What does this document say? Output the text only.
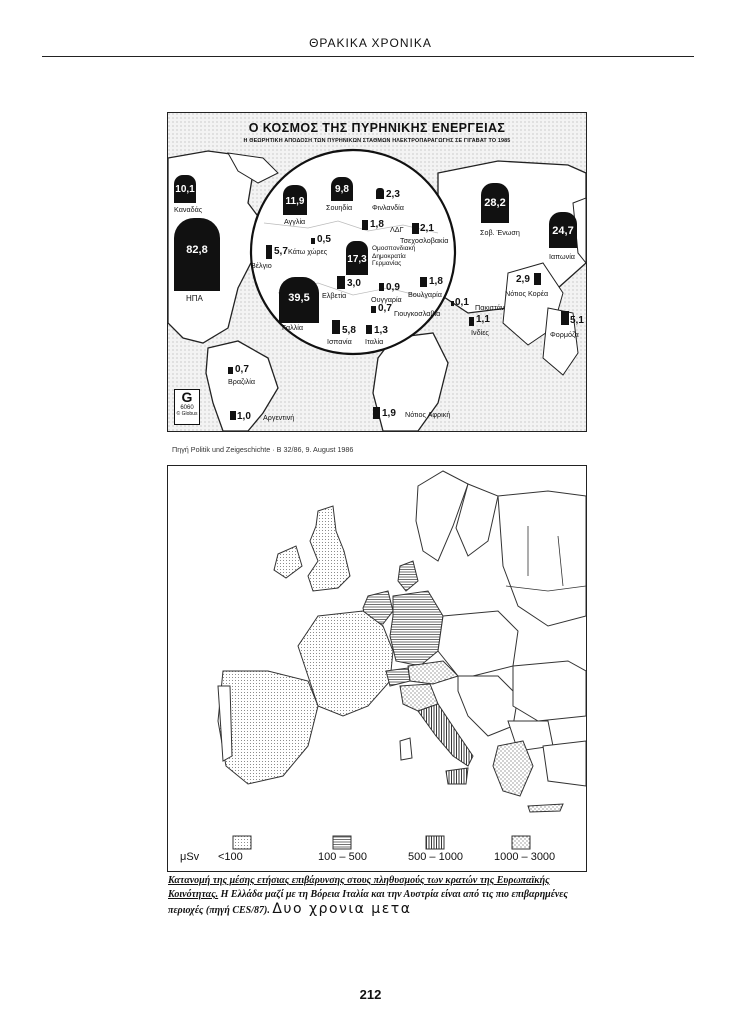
ΘΡΑΚΙΚΑ ΧΡΟΝΙΚΑ
Ο ΚΟΣΜΟΣ ΤΗΣ ΠΥΡΗΝΙΚΗΣ ΕΝΕΡΓΕΙΑΣ
Η ΘΕΩΡΗΤΙΚΗ ΑΠΟΔΟΣΗ ΤΩΝ ΠΥΡΗΝΙΚΩΝ ΣΤΑΘΜΩΝ ΗΛΕΚΤΡΟΠΑΡΑΓΩΓΗΣ ΣΕ ΓΙΓΑΒΑΤ ΤΟ 1985
10,1
Καναδάς
82,8
ΗΠΑ
11,9
Αγγλία
9,8
Σουηδία
2,3
Φινλανδία
0,5
Κάτω χώρες
5,7
Βέλγιο
1,8 ΛΔΓ 2,1
Τσεχοσλοβακία
17,3
Ομοσπονδιακή Δημοκρατία Γερμανίας
3,0
Ελβετία
0,9
Ουγγαρία
1,8
Βουλγαρία
39,5
Γαλλία
0,7 Γιουγκοσλαβία
5,8
Ισπανία
1,3
Ιταλία
28,2
Σοβ. Ένωση	24,7
Ιαπωνία
2,9
Νότιος Κορέα
0,1 Πακιστάν
1,1
Ινδίες
5,1
Φορμόζα
0,7
Βραζιλία
1,0 Αργεντινή	1,9 Νότιος Αφρική
G
6060
© Globus
Πηγή Politik und Zeigeschichte · B 32/86, 9. August 1986
μSv <100	100 – 500	500 – 1000	1000 – 3000
Κατανομή της μέσης ετήσιας επιβάρυνσης στους πληθυσμούς των κρατών της Ευρωπαϊκής Κοινότητας. Η Ελλάδα μαζί με τη Βόρεια Ιταλία και την Αυστρία είναι από τις πιο επιβαρημένες περιοχές (πηγή CES/87). Δυο χρονια μετα
212
